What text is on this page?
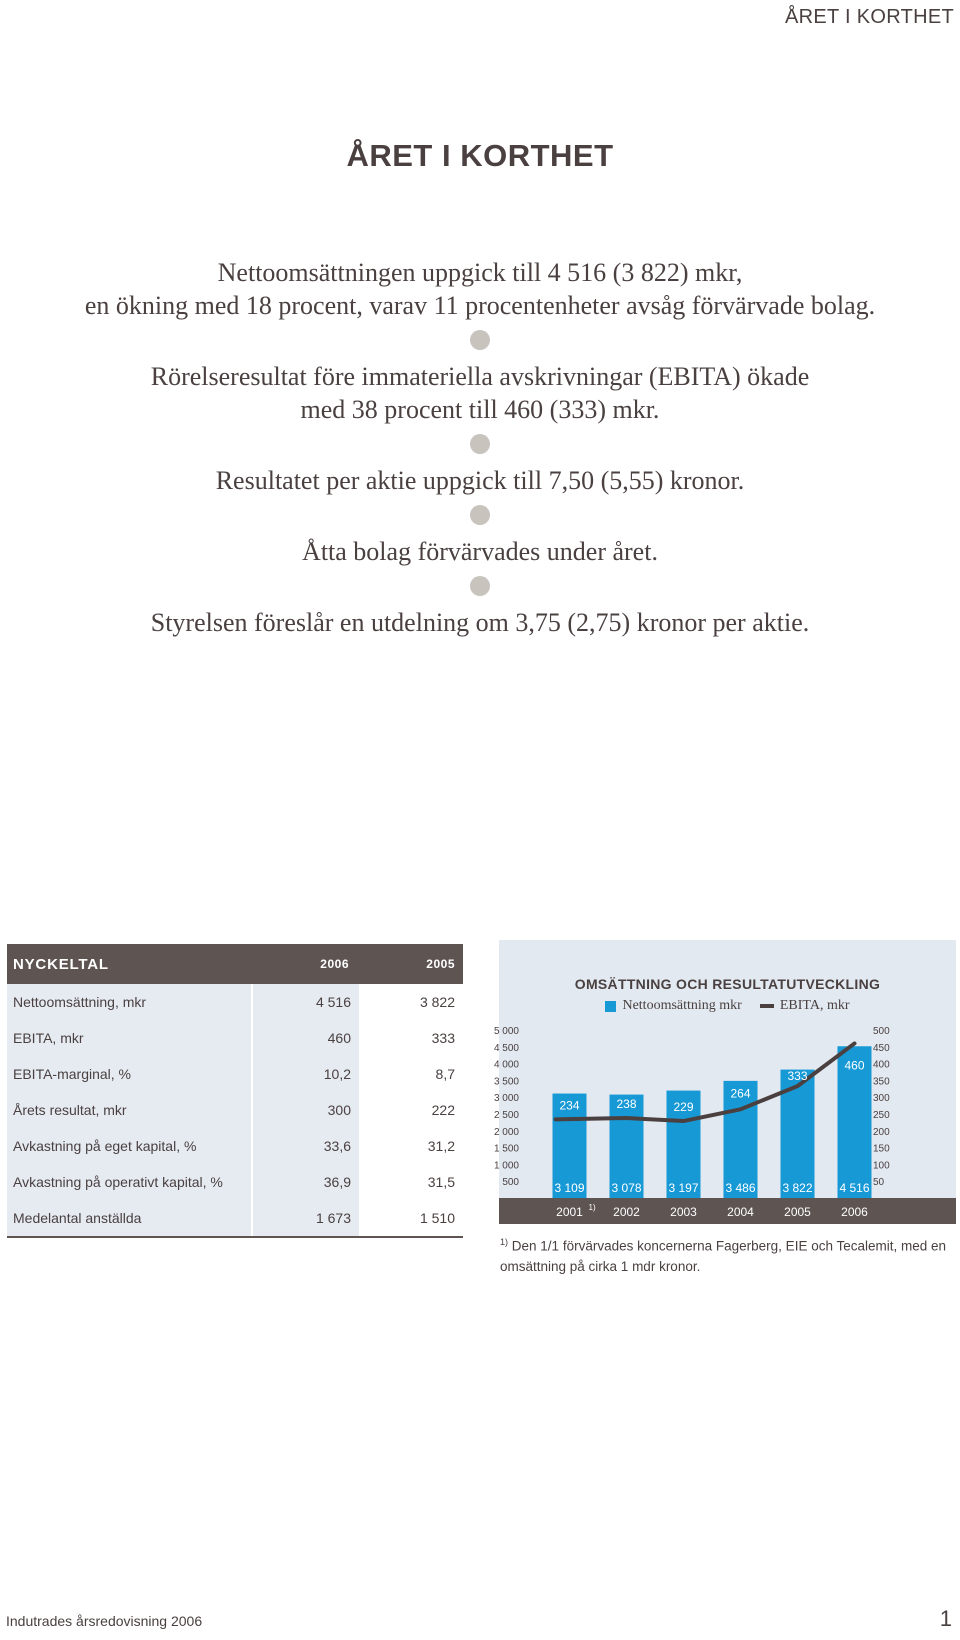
ÅRET I KORTHET
ÅRET I KORTHET
Nettoomsättningen uppgick till 4 516 (3 822) mkr,
en ökning med 18 procent, varav 11 procentenheter avsåg förvärvade bolag.
Rörelseresultat före immateriella avskrivningar (EBITA) ökade
med 38 procent till 460 (333) mkr.
Resultatet per aktie uppgick till 7,50 (5,55) kronor.
Åtta bolag förvärvades under året.
Styrelsen föreslår en utdelning om 3,75 (2,75) kronor per aktie.
NYCKELTAL	2006	2005
Nettoomsättning, mkr	4 516	3 822
EBITA, mkr	460	333
EBITA-marginal, %	10,2	8,7
Årets resultat, mkr	300	222
Avkastning på eget kapital, %	33,6	31,2
Avkastning på operativt kapital, %	36,9	31,5
Medelantal anställda	1 673	1 510
OMSÄTTNING OCH RESULTATUTVECKLING
Nettoomsättning mkr	EBITA, mkr
5 000
4 500
4 000
3 500
3 000
2 500
2 000
1 500
1 000
500
500
450
400
350
300
250
200
150
100
50
3 109 3 078 3 197 3 486 3 822 4 516
234	238	229
264
333
460
2001 1) 2002	2003	2004	2005	2006
$^{1)}$ Den 1/1 förvärvades koncernerna Fagerberg, EIE och Tecalemit, med en omsättning på cirka 1 mdr kronor.
Indutrades årsredovisning 2006	1
